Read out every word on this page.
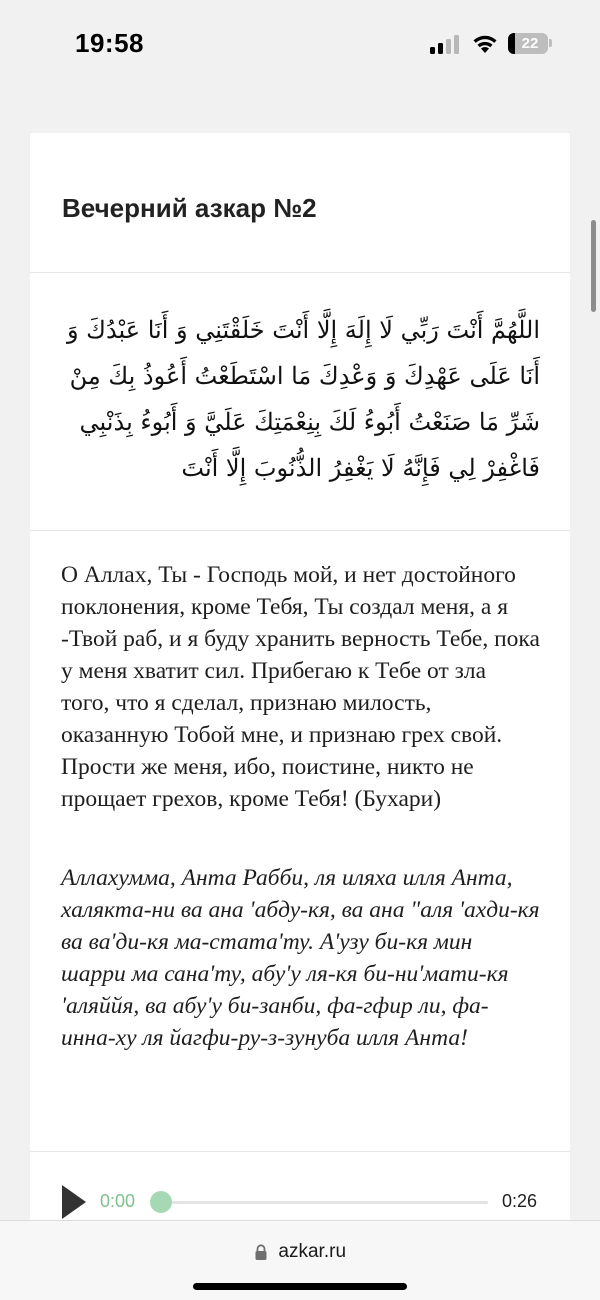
19:58	22
Вечерний азкар №2
اللَّهُمَّ أَنْتَ رَبِّي لَا إِلَهَ إِلَّا أَنْتَ خَلَقْتَنِي وَ أَنَا عَبْدُكَ وَ أَنَا عَلَى عَهْدِكَ وَ وَعْدِكَ مَا اسْتَطَعْتُ أَعُوذُ بِكَ مِنْ شَرِّ مَا صَنَعْتُ أَبُوءُ لَكَ بِنِعْمَتِكَ عَلَيَّ وَ أَبُوءُ بِذَنْبِي فَاغْفِرْ لِي فَإِنَّهُ لَا يَغْفِرُ الذُّنُوبَ إِلَّا أَنْتَ
О Аллах, Ты - Господь мой, и нет достойного поклонения, кроме Тебя, Ты создал меня, а я -Твой раб, и я буду хранить верность Тебе, пока у меня хватит сил. Прибегаю к Тебе от зла того, что я сделал, признаю милость, оказанную Тобой мне, и признаю грех свой. Прости же меня, ибо, поистине, никто не прощает грехов, кроме Тебя! (Бухари)
Аллахумма, Анта Рабби, ля иляха илля Анта, халякта-ни ва ана 'абду-кя, ва ана "аля 'ахди-кя ва ва'ди-кя ма-стата'ту. А'узу би-кя мин шарри ма сана'ту, абу'у ля-кя би-ни'мати-кя 'аляййя, ва абу'у би-занби, фа-гфир ли, фа-инна-ху ля йагфи-ру-з-зунуба илля Анта!
0:00	0:26
azkar.ru
